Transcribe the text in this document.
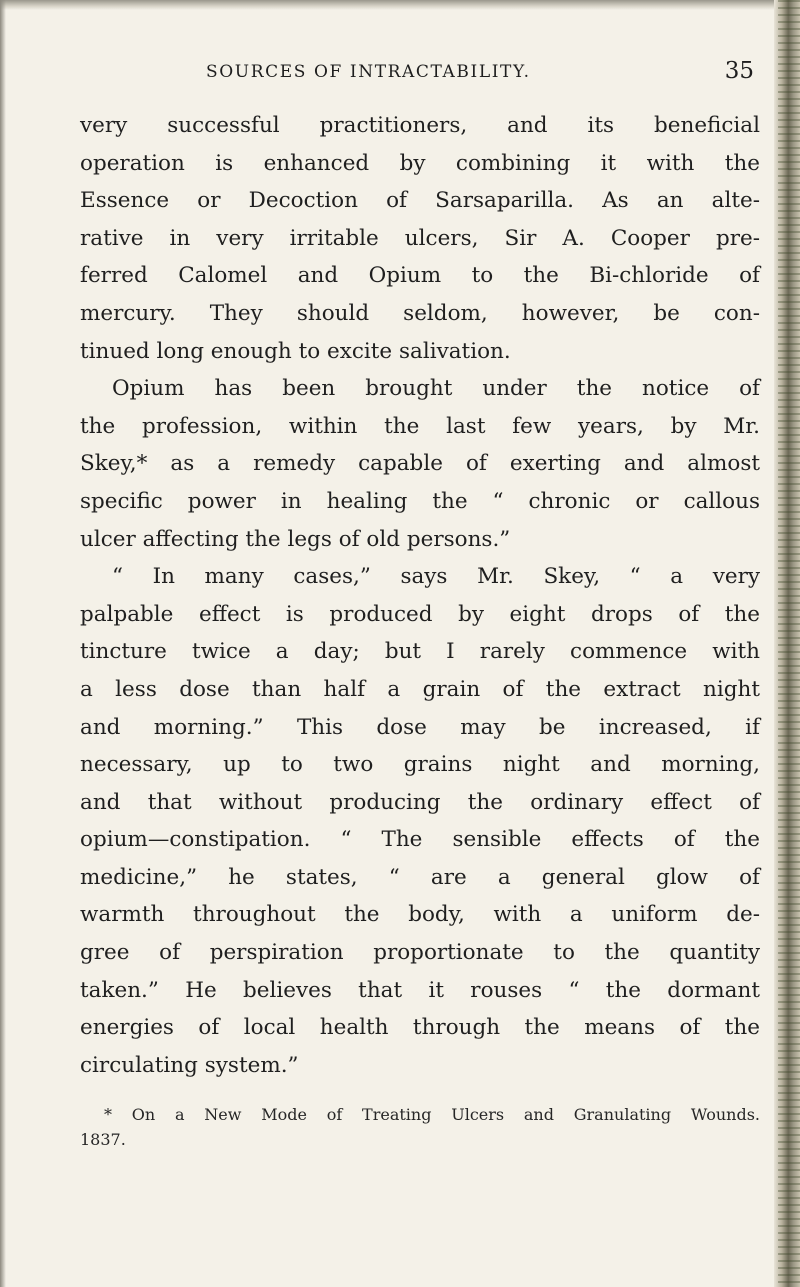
SOURCES OF INTRACTABILITY.	35
very successful practitioners, and its beneficial
operation is enhanced by combining it with the
Essence or Decoction of Sarsaparilla. As an alte-
rative in very irritable ulcers, Sir A. Cooper pre-
ferred Calomel and Opium to the Bi-chloride of
mercury. They should seldom, however, be con-
tinued long enough to excite salivation.
Opium has been brought under the notice of
the profession, within the last few years, by Mr.
Skey,* as a remedy capable of exerting and almost
specific power in healing the “ chronic or callous
ulcer affecting the legs of old persons.”
“ In many cases,” says Mr. Skey, “ a very
palpable effect is produced by eight drops of the
tincture twice a day; but I rarely commence with
a less dose than half a grain of the extract night
and morning.” This dose may be increased, if
necessary, up to two grains night and morning,
and that without producing the ordinary effect of
opium—constipation. “ The sensible effects of the
medicine,” he states, “ are a general glow of
warmth throughout the body, with a uniform de-
gree of perspiration proportionate to the quantity
taken.” He believes that it rouses “ the dormant
energies of local health through the means of the
circulating system.”
* On a New Mode of Treating Ulcers and Granulating Wounds.
1837.
